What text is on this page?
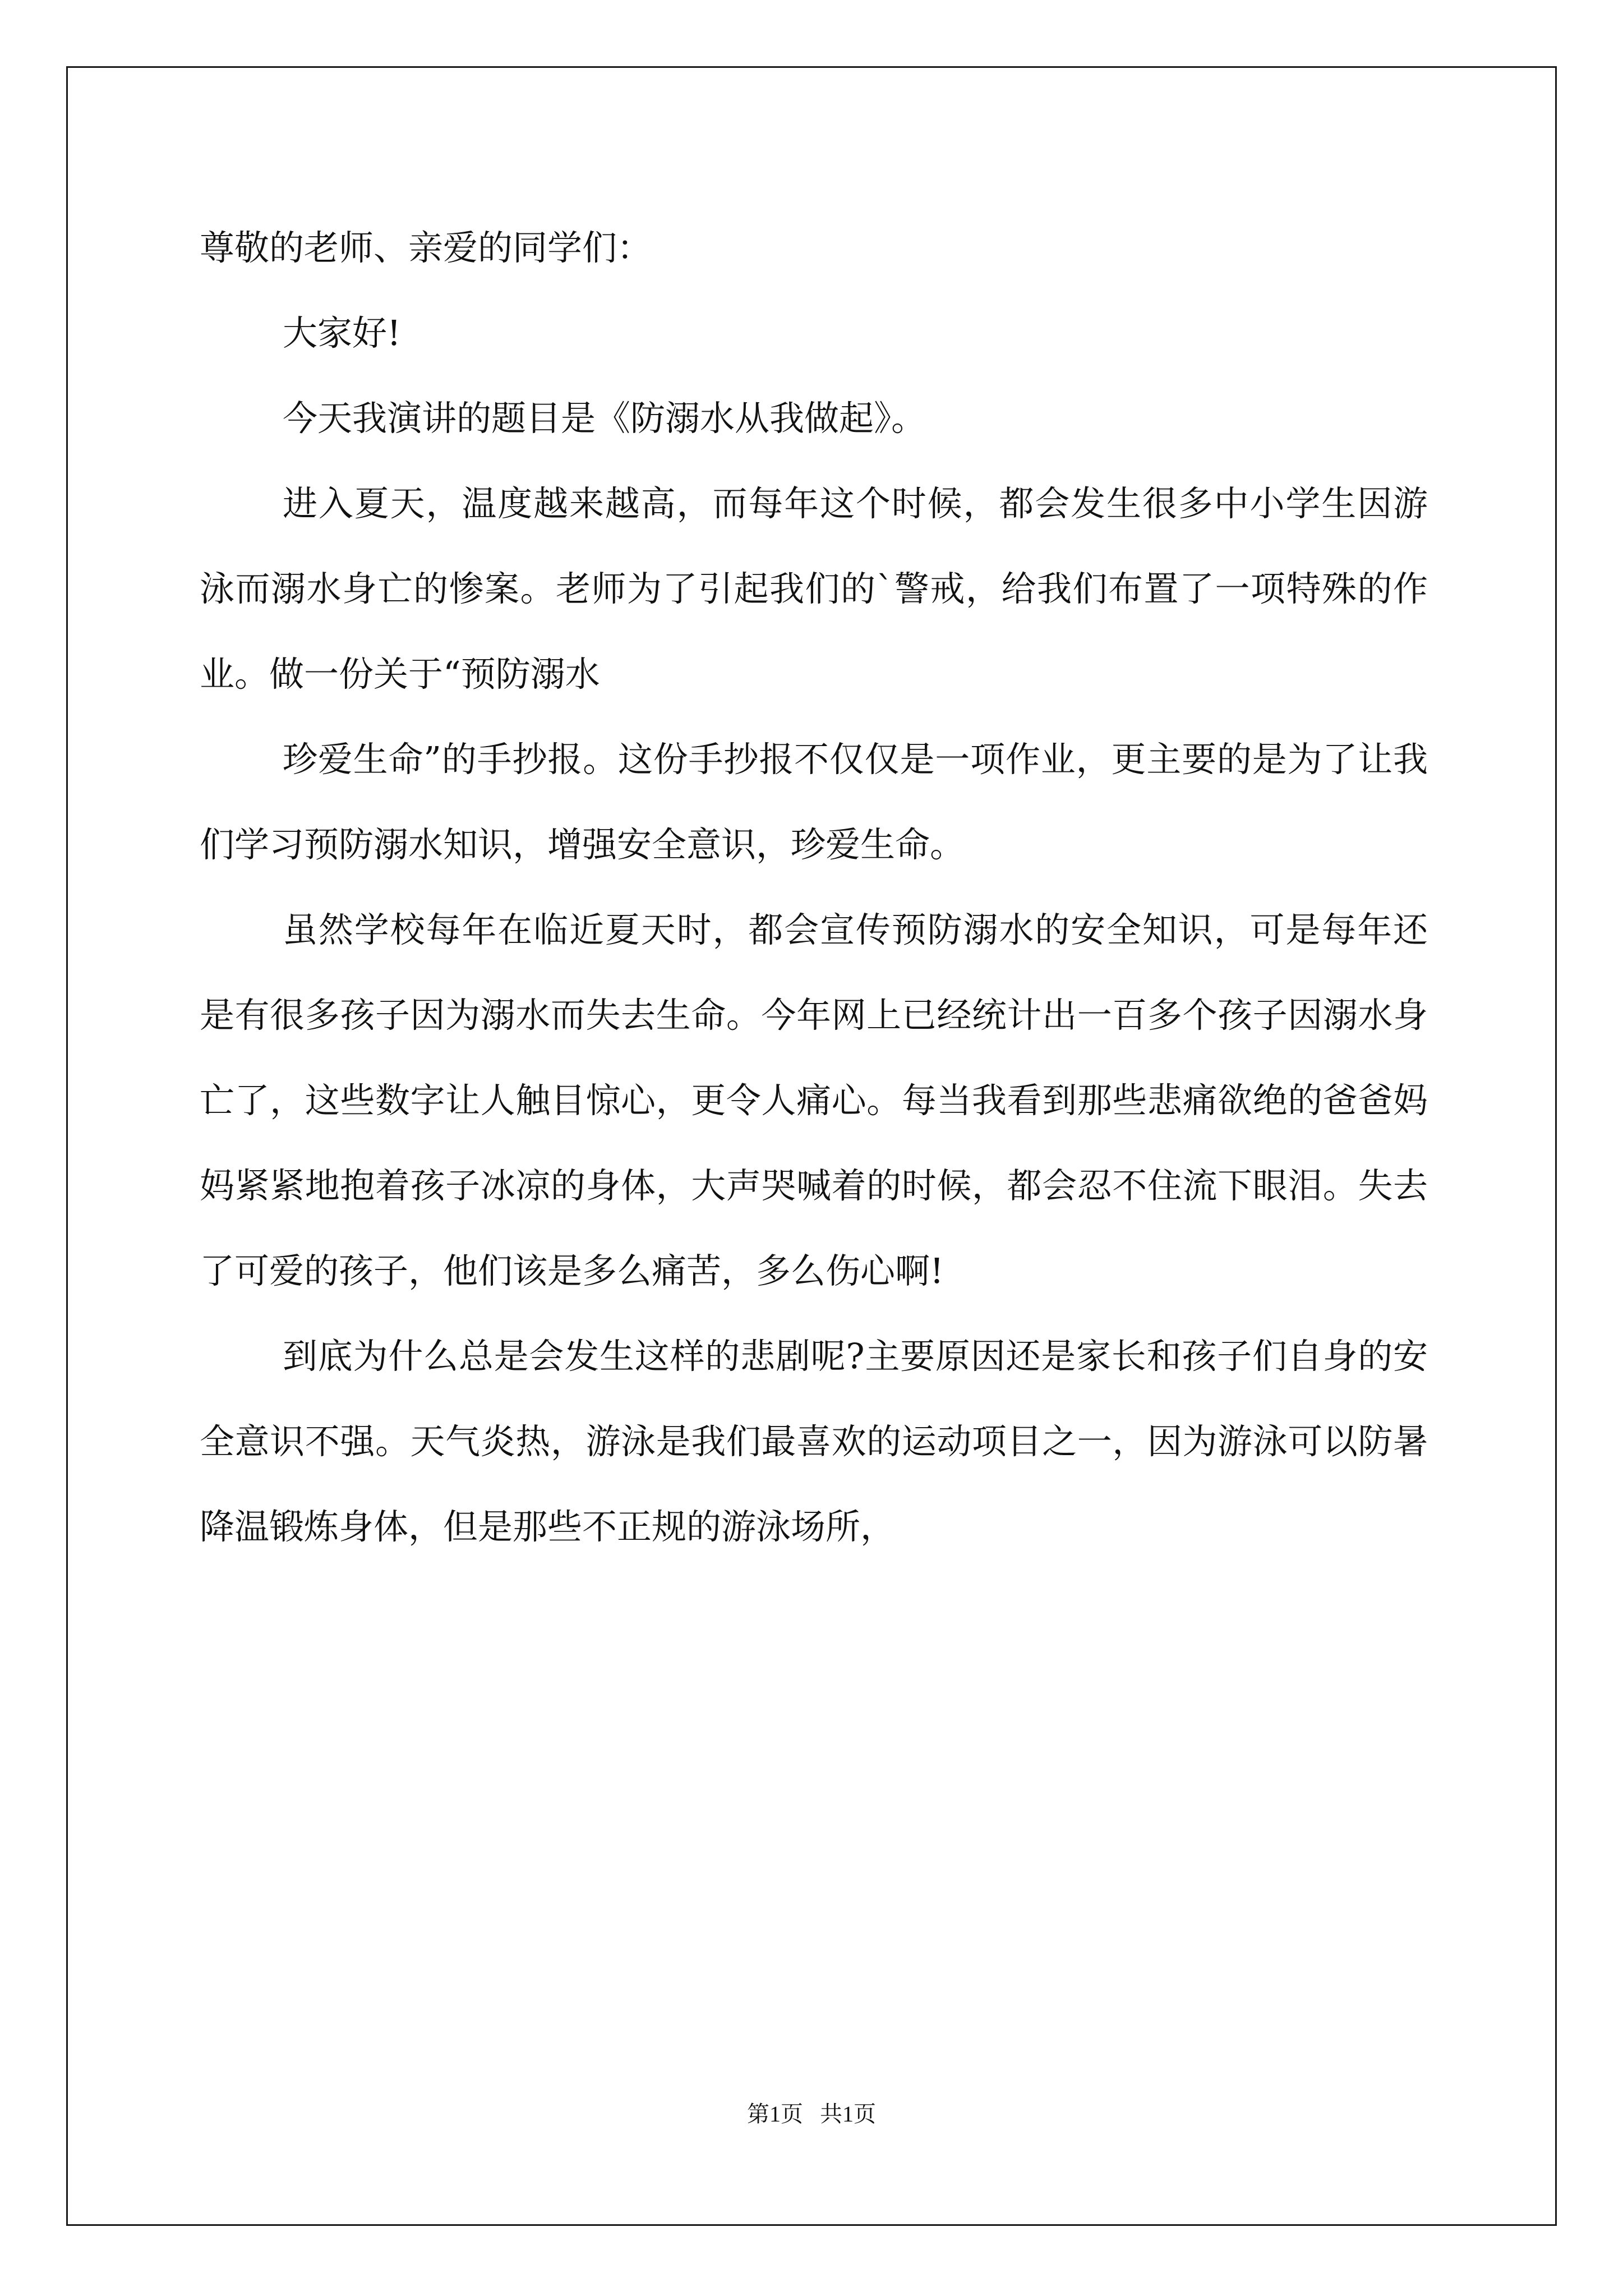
尊敬的老师、亲爱的同学们：

大家好!

今天我演讲的题目是《防溺水从我做起》。

进入夏天，温度越来越高，而每年这个时候，都会发生很多中小学生因游泳而溺水身亡的惨案。老师为了引起我们的`警戒，给我们布置了一项特殊的作业。做一份关于“预防溺水

珍爱生命”的手抄报。这份手抄报不仅仅是一项作业，更主要的是为了让我们学习预防溺水知识，增强安全意识，珍爱生命。

虽然学校每年在临近夏天时，都会宣传预防溺水的安全知识，可是每年还是有很多孩子因为溺水而失去生命。今年网上已经统计出一百多个孩子因溺水身亡了，这些数字让人触目惊心，更令人痛心。每当我看到那些悲痛欲绝的爸爸妈妈紧紧地抱着孩子冰凉的身体，大声哭喊着的时候，都会忍不住流下眼泪。失去了可爱的孩子，他们该是多么痛苦，多么伤心啊!

到底为什么总是会发生这样的悲剧呢?主要原因还是家长和孩子们自身的安全意识不强。天气炎热，游泳是我们最喜欢的运动项目之一，因为游泳可以防暑降温锻炼身体，但是那些不正规的游泳场所，

第1页   共1页
